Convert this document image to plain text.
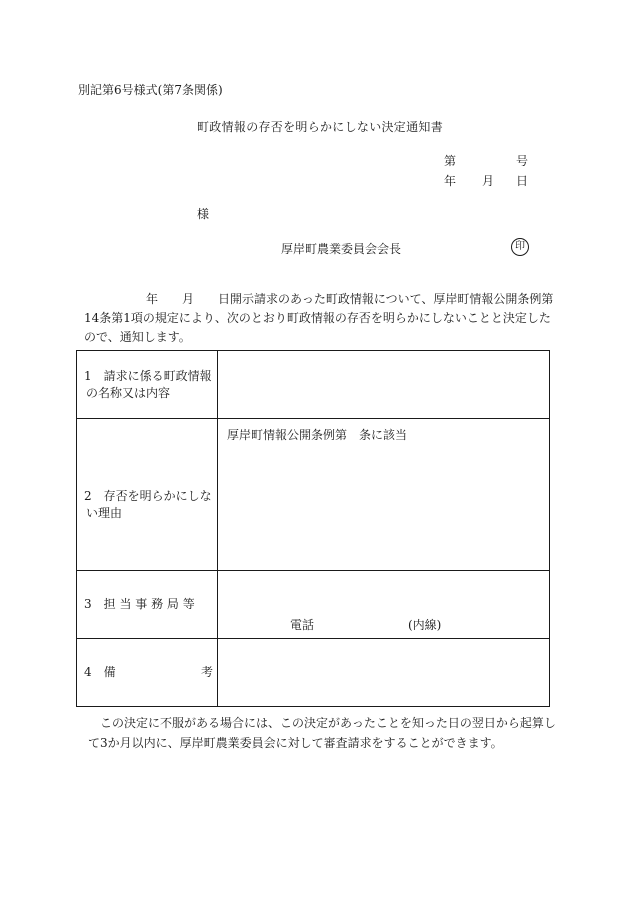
別記第6号様式(第7条関係)
町政情報の存否を明らかにしない決定通知書
第	号
年 月 日
様
厚岸町農業委員会会長	印
年　　月　　日開示請求のあった町政情報について、厚岸町情報公開条例第
14条第1項の規定により、次のとおり町政情報の存否を明らかにしないことと決定した
ので、通知します。
1　請求に係る町政情報
の名称又は内容	

2　存否を明らかにしな
い理由	厚岸町情報公開条例第　条に該当

3　担 当 事 務 局 等	電話 (内線)

4　備 考	

この決定に不服がある場合には、この決定があったことを知った日の翌日から起算し
て3か月以内に、厚岸町農業委員会に対して審査請求をすることができます。
